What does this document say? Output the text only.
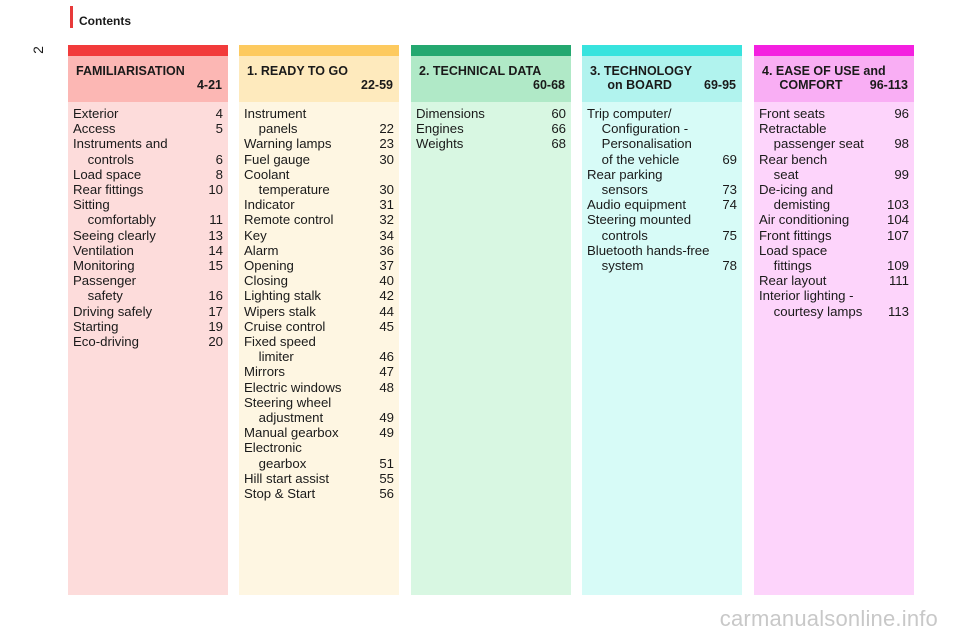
Contents
2
FAMILIARISATION
4-21
Exterior	4
Access	5
Instruments and
controls	6
Load space	8
Rear fittings	10
Sitting
comfortably	11
Seeing clearly	13
Ventilation	14
Monitoring	15
Passenger
safety	16
Driving safely	17
Starting	19
Eco-driving	20
1. READY TO GO
22-59
Instrument
panels	22
Warning lamps	23
Fuel gauge	30
Coolant
temperature	30
Indicator	31
Remote control	32
Key	34
Alarm	36
Opening	37
Closing	40
Lighting stalk	42
Wipers stalk	44
Cruise control	45
Fixed speed
limiter	46
Mirrors	47
Electric windows	48
Steering wheel
adjustment	49
Manual gearbox	49
Electronic
gearbox	51
Hill start assist	55
Stop & Start	56
2. TECHNICAL DATA
60-68
Dimensions	60
Engines	66
Weights	68
3. TECHNOLOGY
on BOARD	69-95
Trip computer/
Configuration -
Personalisation
of the vehicle	69
Rear parking
sensors	73
Audio equipment	74
Steering mounted
controls	75
Bluetooth hands-free
system	78
4. EASE OF USE and
COMFORT	96-113
Front seats	96
Retractable
passenger seat	98
Rear bench
seat	99
De-icing and
demisting	103
Air conditioning	104
Front fittings	107
Load space
fittings	109
Rear layout	111
Interior lighting -
courtesy lamps 113
carmanualsonline.info
